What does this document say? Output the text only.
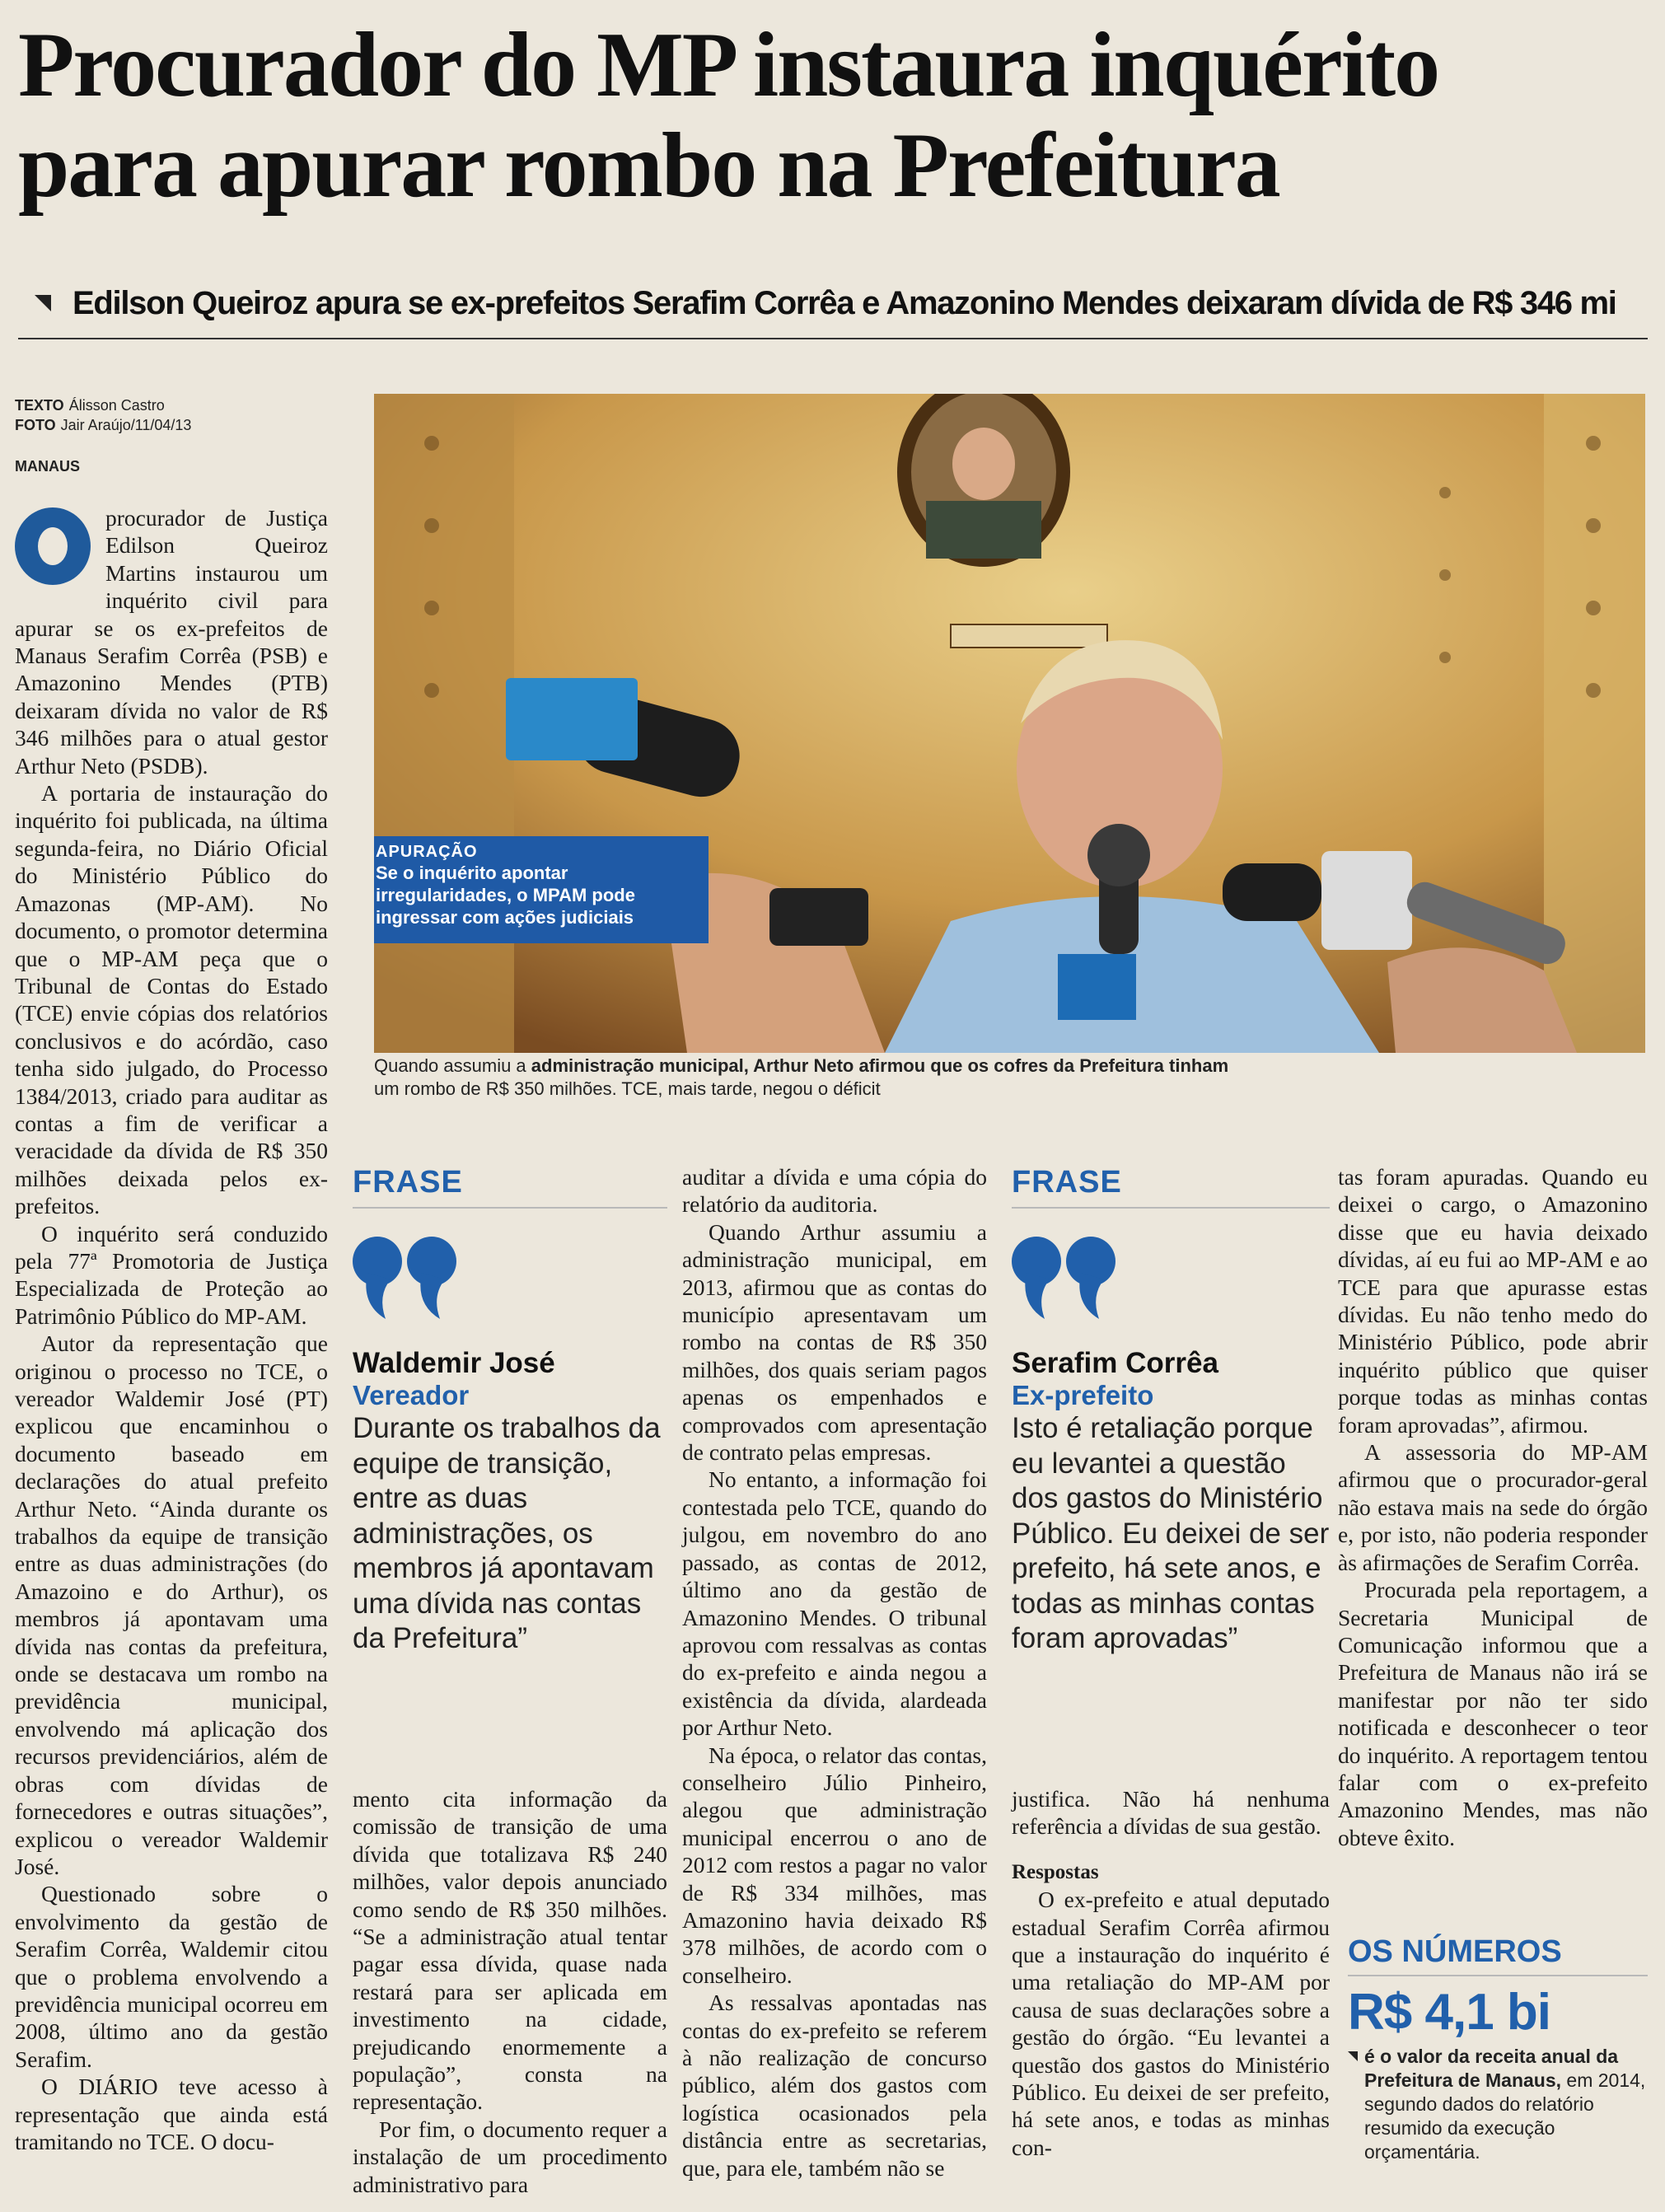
Procurador do MP instaura inquérito
para apurar rombo na Prefeitura
Edilson Queiroz apura se ex-prefeitos Serafim Corrêa e Amazonino Mendes deixaram dívida de R$ 346 mi
TEXTO Álisson Castro
FOTO Jair Araújo/11/04/13
MANAUS

procurador de Justiça Edilson Queiroz Martins instaurou um inquérito civil para apurar se os ex-prefeitos de Manaus Serafim Corrêa (PSB) e Amazonino Mendes (PTB) deixaram dívida no valor de R$ 346 milhões para o atual gestor Arthur Neto (PSDB).

A portaria de instauração do inquérito foi publicada, na última segunda-feira, no Diário Oficial do Ministério Público do Amazonas (MP-AM). No documento, o promotor determina que o MP-AM peça que o Tribunal de Contas do Estado (TCE) envie cópias dos relatórios conclusivos e do acórdão, caso tenha sido julgado, do Processo 1384/2013, criado para auditar as contas a fim de verificar a veracidade da dívida de R$ 350 milhões deixada pelos ex-prefeitos.

O inquérito será conduzido pela 77ª Promotoria de Justiça Especializada de Proteção ao Patrimônio Público do MP-AM.

Autor da representação que originou o processo no TCE, o vereador Waldemir José (PT) explicou que encaminhou o documento baseado em declarações do atual prefeito Arthur Neto. “Ainda durante os trabalhos da equipe de transição entre as duas administrações (do Amazoino e do Arthur), os membros já apontavam uma dívida nas contas da prefeitura, onde se destacava um rombo na previdência municipal, envolvendo má aplicação dos recursos previdenciários, além de obras com dívidas de fornecedores e outras situações”, explicou o vereador Waldemir José.

Questionado sobre o envolvimento da gestão de Serafim Corrêa, Waldemir citou que o problema envolvendo a previdência municipal ocorreu em 2008, último ano da gestão Serafim.

O DIÁRIO teve acesso à representação que ainda está tramitando no TCE. O docu-

APURAÇÃO
Se o inquérito apontar irregularidades, o MPAM pode ingressar com ações judiciais
Quando assumiu a administração municipal, Arthur Neto afirmou que os cofres da Prefeitura tinham
um rombo de R$ 350 milhões. TCE, mais tarde, negou o déficit
FRASE
Waldemir José
Vereador
Durante os trabalhos da equipe de transição, entre as duas administrações, os membros já apontavam uma dívida nas contas da Prefeitura”

mento cita informação da comissão de transição de uma dívida que totalizava R$ 240 milhões, valor depois anunciado como sendo de R$ 350 milhões. “Se a administração atual tentar pagar essa dívida, quase nada restará para ser aplicada em investimento na cidade, prejudicando enormemente a população”, consta na representação.

Por fim, o documento requer a instalação de um procedimento administrativo para

auditar a dívida e uma cópia do relatório da auditoria.

Quando Arthur assumiu a administração municipal, em 2013, afirmou que as contas do município apresentavam um rombo na contas de R$ 350 milhões, dos quais seriam pagos apenas os empenhados e comprovados com apresentação de contrato pelas empresas.

No entanto, a informação foi contestada pelo TCE, quando do julgou, em novembro do ano passado, as contas de 2012, último ano da gestão de Amazonino Mendes. O tribunal aprovou com ressalvas as contas do ex-prefeito e ainda negou a existência da dívida, alardeada por Arthur Neto.

Na época, o relator das contas, conselheiro Júlio Pinheiro, alegou que administração municipal encerrou o ano de 2012 com restos a pagar no valor de R$ 334 milhões, mas Amazonino havia deixado R$ 378 milhões, de acordo com o conselheiro.

As ressalvas apontadas nas contas do ex-prefeito se referem à não realização de concurso público, além dos gastos com logística ocasionados pela distância entre as secretarias, que, para ele, também não se

FRASE
Serafim Corrêa
Ex-prefeito
Isto é retaliação porque eu levantei a questão dos gastos do Ministério Público. Eu deixei de ser prefeito, há sete anos, e todas as minhas contas foram aprovadas”

justifica. Não há nenhuma referência a dívidas de sua gestão.

Respostas

O ex-prefeito e atual deputado estadual Serafim Corrêa afirmou que a instauração do inquérito é uma retaliação do MP-AM por causa de suas declarações sobre a gestão do órgão. “Eu levantei a questão dos gastos do Ministério Público. Eu deixei de ser prefeito, há sete anos, e todas as minhas con-

tas foram apuradas. Quando eu deixei o cargo, o Amazonino disse que eu havia deixado dívidas, aí eu fui ao MP-AM e ao TCE para que apurasse estas dívidas. Eu não tenho medo do Ministério Público, pode abrir inquérito público que quiser porque todas as minhas contas foram aprovadas”, afirmou.

A assessoria do MP-AM afirmou que o procurador-geral não estava mais na sede do órgão e, por isto, não poderia responder às afirmações de Serafim Corrêa.

Procurada pela reportagem, a Secretaria Municipal de Comunicação informou que a Prefeitura de Manaus não irá se manifestar por não ter sido notificada e desconhecer o teor do inquérito. A reportagem tentou falar com o ex-prefeito Amazonino Mendes, mas não obteve êxito.

OS NÚMEROS
R$ 4,1 bi
é o valor da receita anual da Prefeitura de Manaus, em 2014, segundo dados do relatório resumido da execução orçamentária.
